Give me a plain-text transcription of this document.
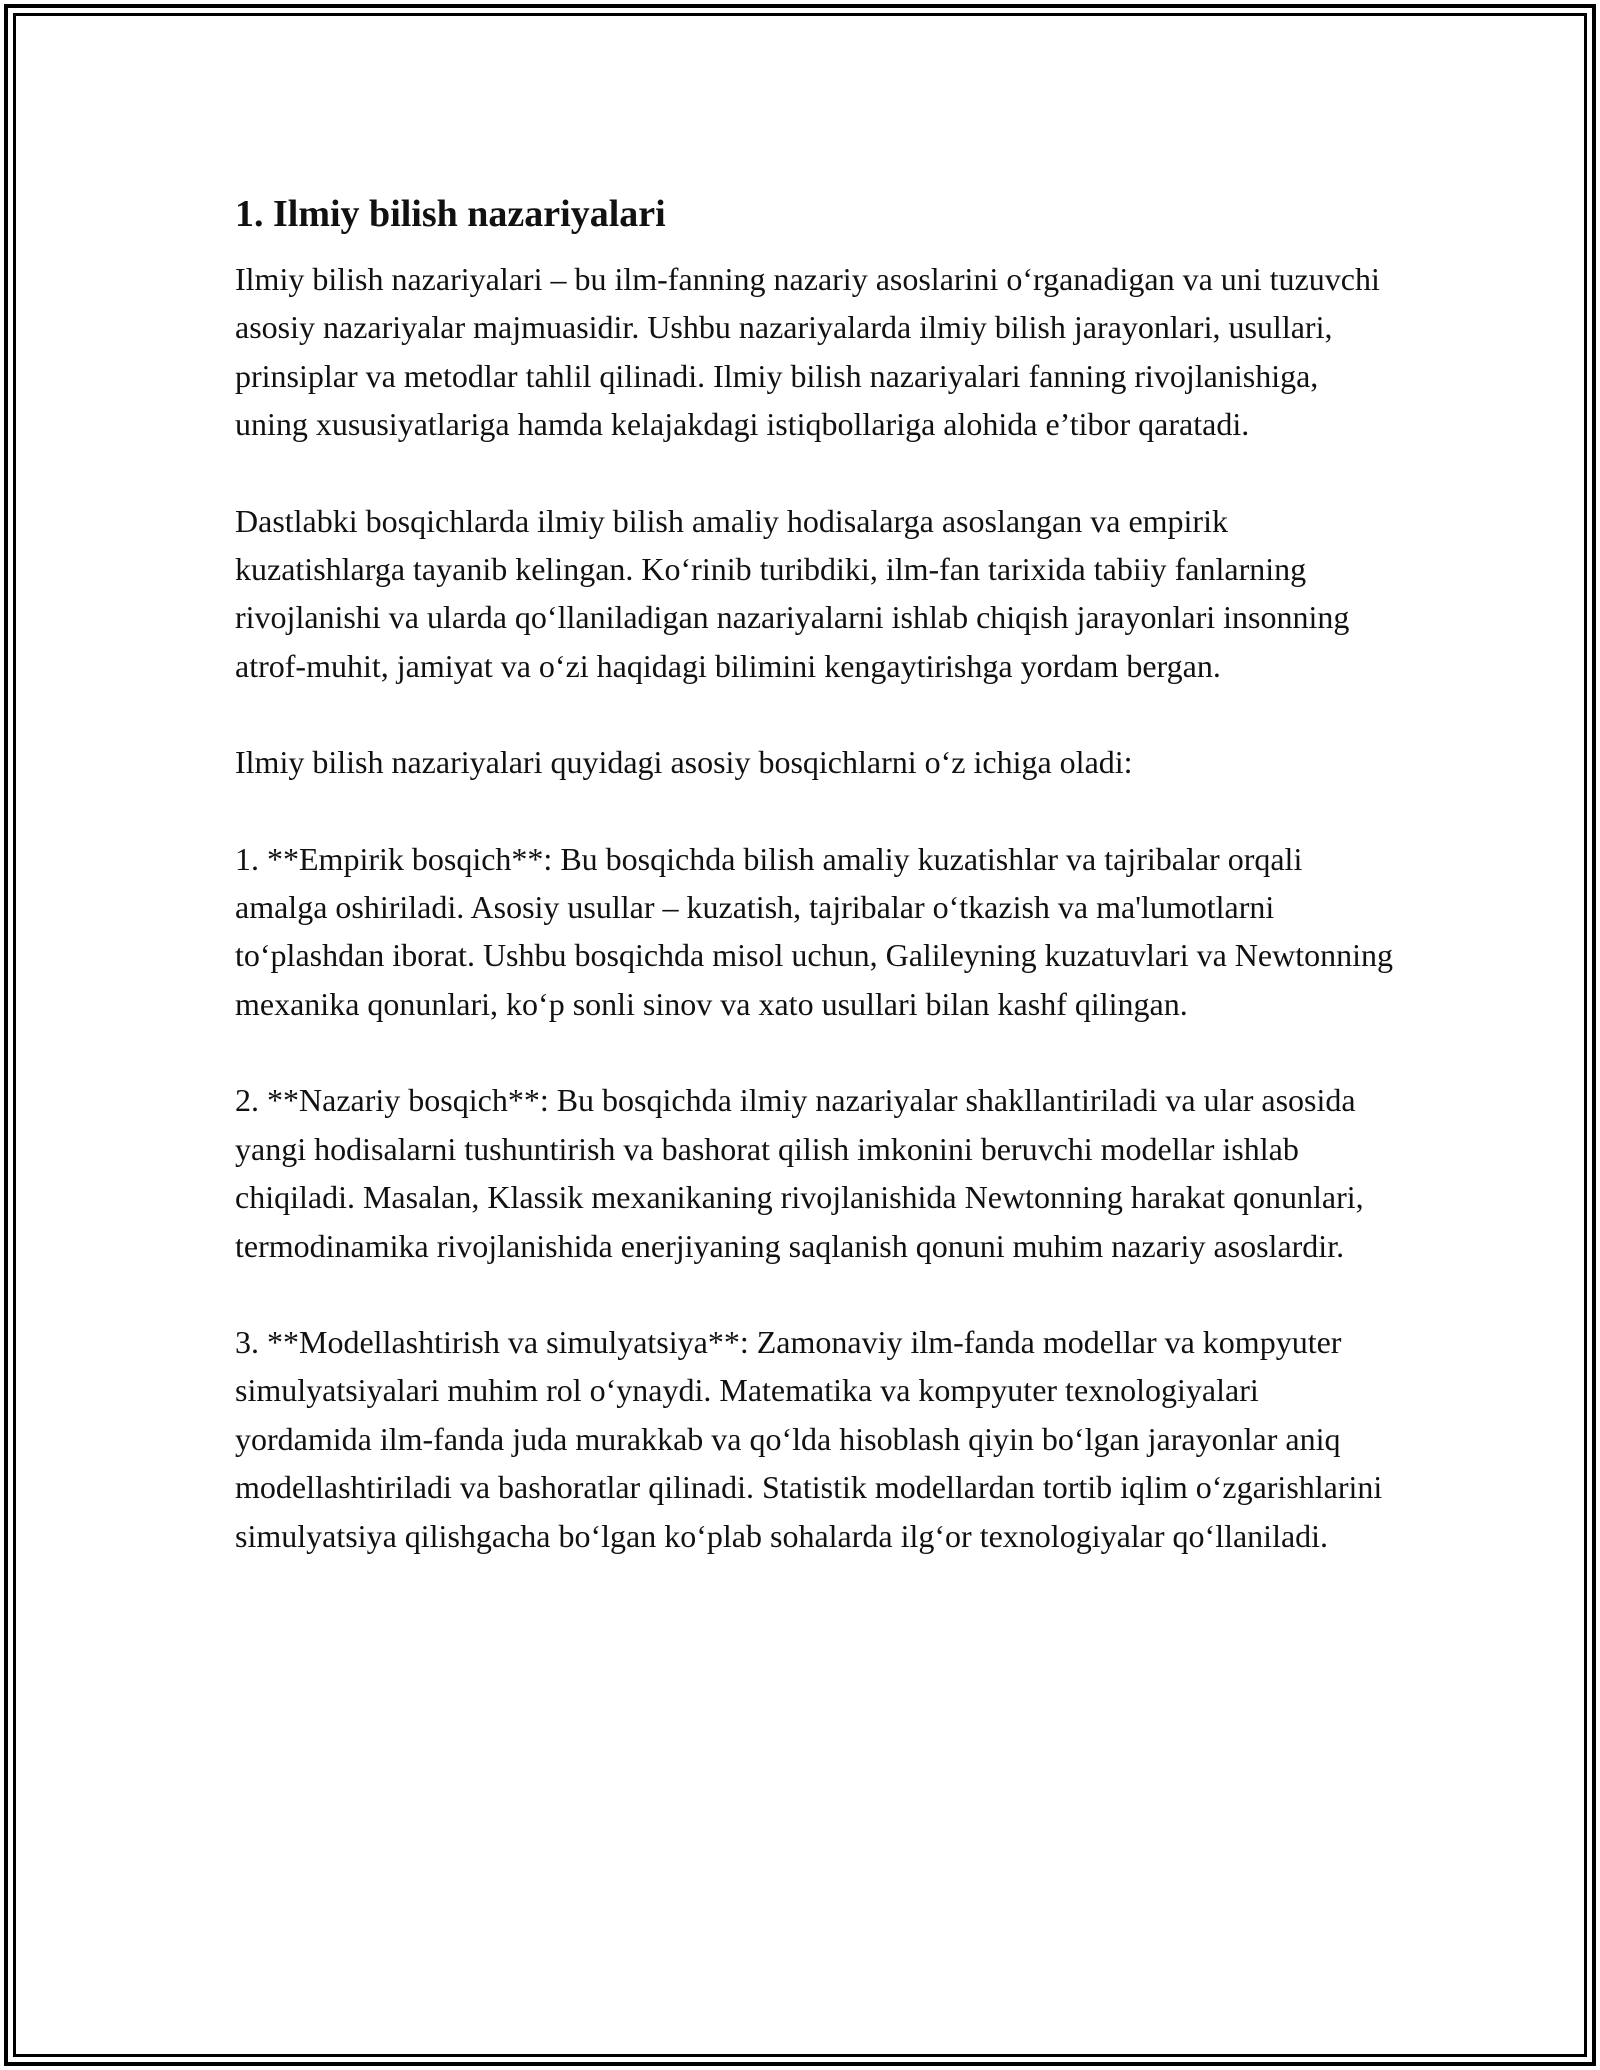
1. Ilmiy bilish nazariyalari

Ilmiy bilish nazariyalari – bu ilm-fanning nazariy asoslarini o‘rganadigan va uni tuzuvchi asosiy nazariyalar majmuasidir. Ushbu nazariyalarda ilmiy bilish jarayonlari, usullari, prinsiplar va metodlar tahlil qilinadi. Ilmiy bilish nazariyalari fanning rivojlanishiga, uning xususiyatlariga hamda kelajakdagi istiqbollariga alohida e’tibor qaratadi.

Dastlabki bosqichlarda ilmiy bilish amaliy hodisalarga asoslangan va empirik kuzatishlarga tayanib kelingan. Ko‘rinib turibdiki, ilm-fan tarixida tabiiy fanlarning rivojlanishi va ularda qo‘llaniladigan nazariyalarni ishlab chiqish jarayonlari insonning atrof-muhit, jamiyat va o‘zi haqidagi bilimini kengaytirishga yordam bergan.

Ilmiy bilish nazariyalari quyidagi asosiy bosqichlarni o‘z ichiga oladi:

1. **Empirik bosqich**: Bu bosqichda bilish amaliy kuzatishlar va tajribalar orqali amalga oshiriladi. Asosiy usullar – kuzatish, tajribalar o‘tkazish va ma'lumotlarni to‘plashdan iborat. Ushbu bosqichda misol uchun, Galileyning kuzatuvlari va Newtonning mexanika qonunlari, ko‘p sonli sinov va xato usullari bilan kashf qilingan.

2. **Nazariy bosqich**: Bu bosqichda ilmiy nazariyalar shakllantiriladi va ular asosida yangi hodisalarni tushuntirish va bashorat qilish imkonini beruvchi modellar ishlab chiqiladi. Masalan, Klassik mexanikaning rivojlanishida Newtonning harakat qonunlari, termodinamika rivojlanishida enerjiyaning saqlanish qonuni muhim nazariy asoslardir.

3. **Modellashtirish va simulyatsiya**: Zamonaviy ilm-fanda modellar va kompyuter simulyatsiyalari muhim rol o‘ynaydi. Matematika va kompyuter texnologiyalari yordamida ilm-fanda juda murakkab va qo‘lda hisoblash qiyin bo‘lgan jarayonlar aniq modellashtiriladi va bashoratlar qilinadi. Statistik modellardan tortib iqlim o‘zgarishlarini simulyatsiya qilishgacha bo‘lgan ko‘plab sohalarda ilg‘or texnologiyalar qo‘llaniladi.
